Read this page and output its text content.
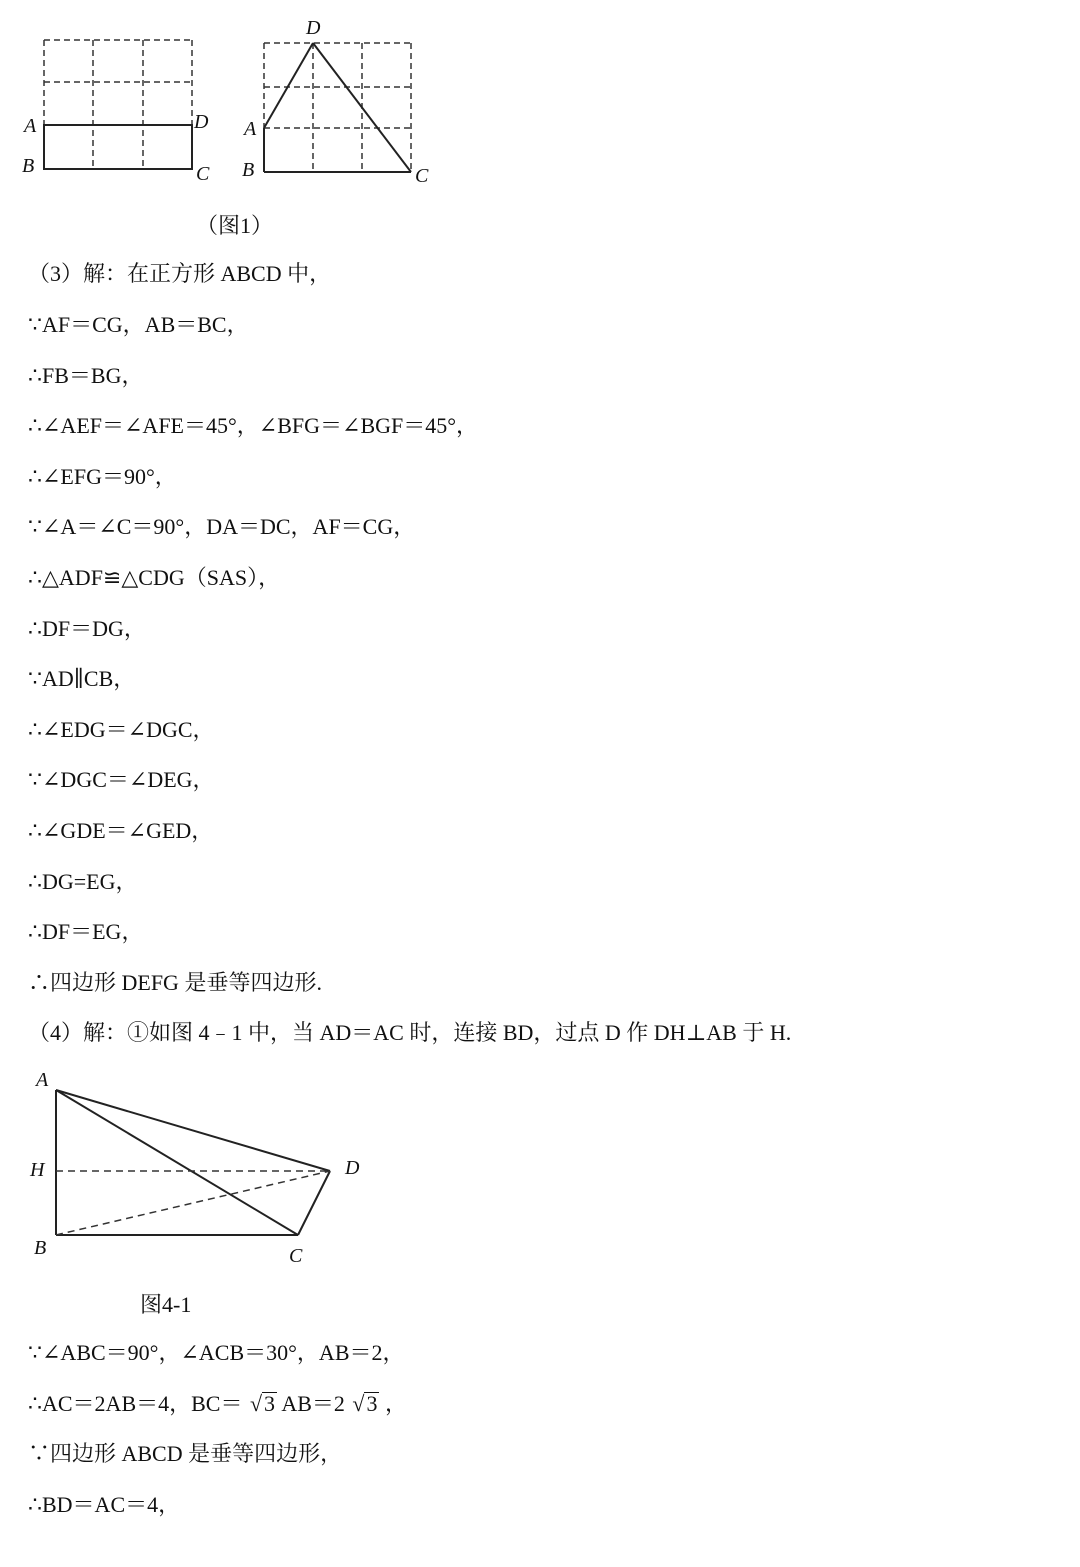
A
B	C
D
D
A
B	C
（图1）
（3）解：在正方形 ABCD 中，
∵AF＝CG，AB＝BC，
∴FB＝BG，
∴∠AEF＝∠AFE＝45°，∠BFG＝∠BGF＝45°，
∴∠EFG＝90°，
∵∠A＝∠C＝90°，DA＝DC，AF＝CG，
∴△ADF≌△CDG（SAS），
∴DF＝DG，
∵AD∥CB，
∴∠EDG＝∠DGC，
∵∠DGC＝∠DEG，
∴∠GDE＝∠GED，
∴DG=EG，
∴DF＝EG，
∴四边形 DEFG 是垂等四边形.
（4）解：①如图 4﹣1 中，当 AD＝AC 时，连接 BD，过点 D 作 DH⊥AB 于 H.
A
H	D
B	C
图4-1
∵∠ABC＝90°，∠ACB＝30°，AB＝2，
∴AC＝2AB＝4，BC＝ √3 AB＝2 √3 ，
∵四边形 ABCD 是垂等四边形，
∴BD＝AC＝4，
